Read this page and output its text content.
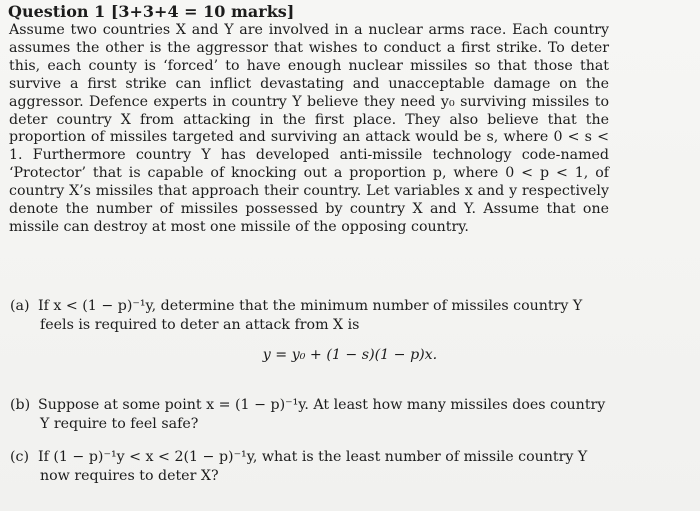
Question 1 [3+3+4 = 10 marks]
Assume two countries X and Y are involved in a nuclear arms race. Each country assumes the other is the aggressor that wishes to conduct a first strike. To deter this, each county is ‘forced’ to have enough nuclear missiles so that those that survive a first strike can inflict devastating and unacceptable damage on the aggressor. Defence experts in country Y believe they need y₀ surviving missiles to deter country X from attacking in the first place. They also believe that the proportion of missiles targeted and surviving an attack would be s, where 0 < s < 1. Furthermore country Y has developed anti-missile technology code-named ‘Protector’ that is capable of knocking out a proportion p, where 0 < p < 1, of country X’s missiles that approach their country. Let variables x and y respectively denote the number of missiles possessed by country X and Y. Assume that one missile can destroy at most one missile of the opposing country.
(a) If x < (1 − p)⁻¹y, determine that the minimum number of missiles country Y
feels is required to deter an attack from X is
y = y₀ + (1 − s)(1 − p)x.
(b) Suppose at some point x = (1 − p)⁻¹y. At least how many missiles does country
Y require to feel safe?
(c) If (1 − p)⁻¹y < x < 2(1 − p)⁻¹y, what is the least number of missile country Y
now requires to deter X?
